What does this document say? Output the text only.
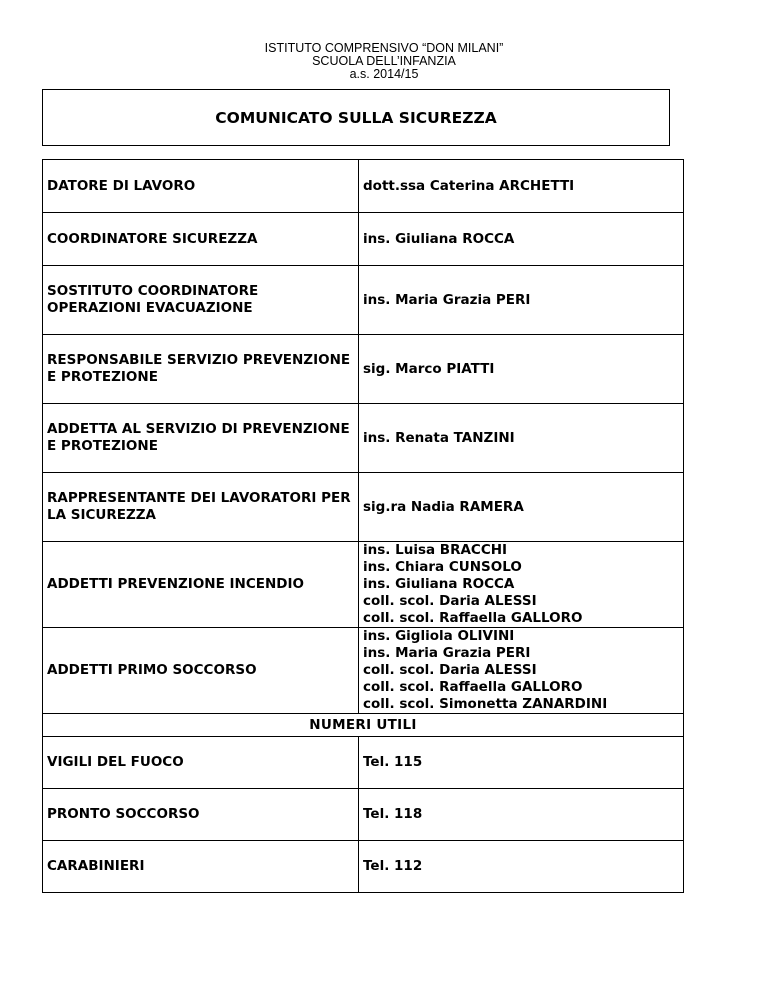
ISTITUTO COMPRENSIVO “DON MILANI”
SCUOLA DELL’INFANZIA
a.s. 2014/15
COMUNICATO SULLA SICUREZZA
DATORE DI LAVORO	dott.ssa Caterina ARCHETTI
COORDINATORE SICUREZZA	ins. Giuliana ROCCA
SOSTITUTO COORDINATORE OPERAZIONI EVACUAZIONE	ins. Maria Grazia PERI
RESPONSABILE SERVIZIO PREVENZIONE E PROTEZIONE	sig. Marco PIATTI
ADDETTA AL SERVIZIO DI PREVENZIONE E PROTEZIONE	ins. Renata TANZINI
RAPPRESENTANTE DEI LAVORATORI PER LA SICUREZZA	sig.ra Nadia RAMERA
ADDETTI PREVENZIONE INCENDIO	ins. Luisa BRACCHI
ins. Chiara CUNSOLO
ins. Giuliana ROCCA
coll. scol. Daria ALESSI
coll. scol. Raffaella GALLORO

ADDETTI PRIMO SOCCORSO	ins. Gigliola OLIVINI
ins. Maria Grazia PERI
coll. scol. Daria ALESSI
coll. scol. Raffaella GALLORO
coll. scol. Simonetta ZANARDINI

NUMERI UTILI	
VIGILI DEL FUOCO	Tel. 115
PRONTO SOCCORSO	Tel. 118
CARABINIERI	Tel. 112
